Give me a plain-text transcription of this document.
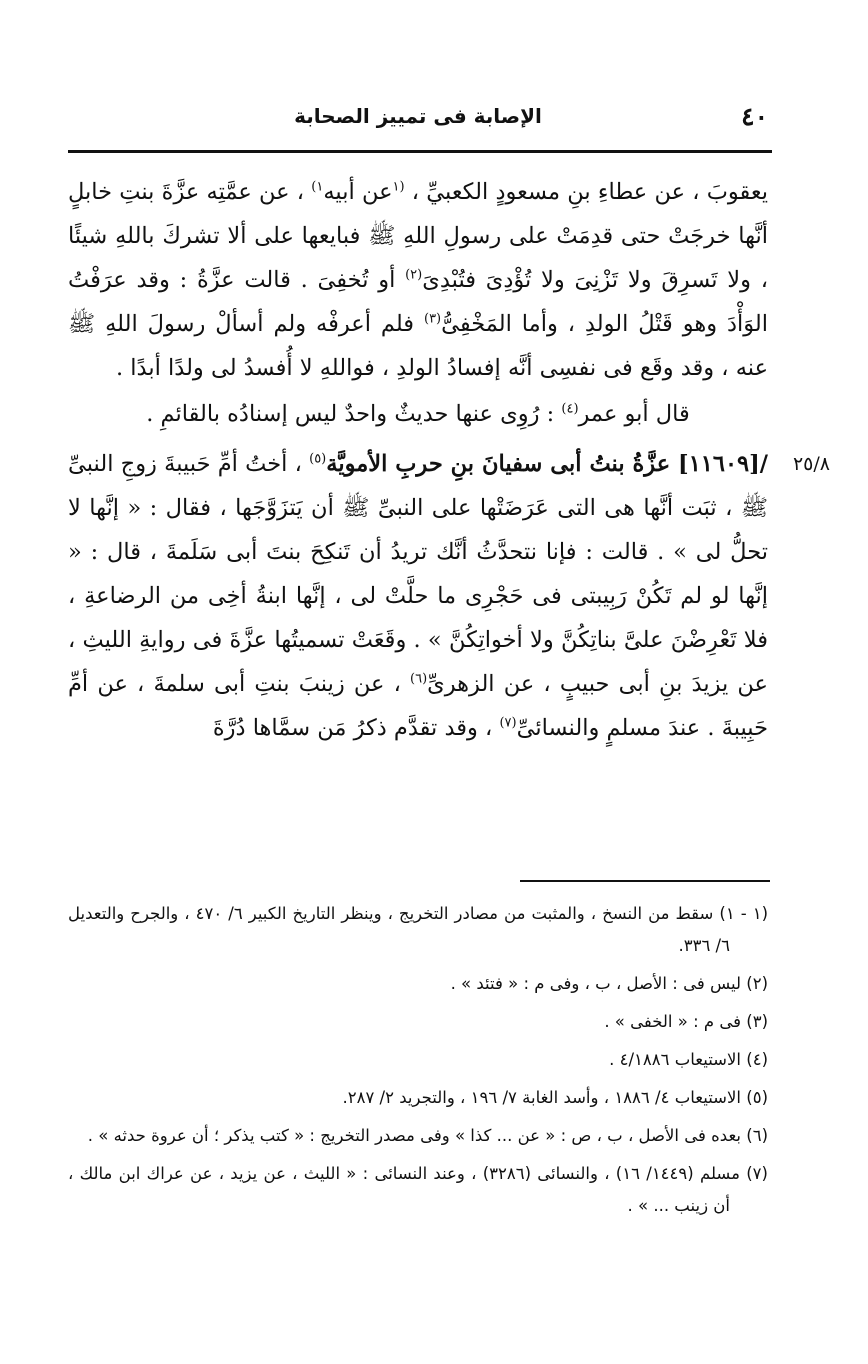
٤٠
الإصابة فى تمييز الصحابة

يعقوبَ ، عن عطاءِ بنِ مسعودٍ الكعبيِّ ، $^{(١}$عن أبيه$^{١)}$ ، عن عمَّتِه عزَّةَ بنتِ خابلٍ أنَّها خرجَتْ حتى قدِمَتْ على رسولِ اللهِ ﷺ فبايعها على ألا تشركَ باللهِ شيئًا ، ولا تَسرِقَ ولا تَزْنِىَ ولا تُؤْدِىَ فتُبْدِىَ$^{(٢)}$ أو تُخفِىَ . قالت عزَّةُ : وقد عرَفْتُ الوَأْدَ وهو قَتْلُ الولدِ ، وأما المَخْفِىُّ$^{(٣)}$ فلم أعرفْه ولم أسألْ رسولَ اللهِ ﷺ عنه ، وقد وقَع فى نفسِى أنَّه إفسادُ الولدِ ، فواللهِ لا أُفسدُ لى ولدًا أبدًا .

قال أبو عمر$^{(٤)}$ : رُوِى عنها حديثٌ واحدٌ ليس إسنادُه بالقائمِ .

٢٥/٨
/[١١٦٠٩] عزَّةُ بنتُ أبى سفيانَ بنِ حربِ الأمويَّة$^{(٥)}$ ، أختُ أمِّ حَبيبةَ زوجِ النبىِّ ﷺ ، ثبَت أنَّها هى التى عَرَضَتْها على النبىِّ ﷺ أن يَتزَوَّجَها ، فقال : « إنَّها لا تحلُّ لى » . قالت : فإنا نتحدَّثُ أنَّك تريدُ أن تَنكِحَ بنتَ أبى سَلَمةَ ، قال : « إنَّها لو لم تَكُنْ رَبِيبتى فى حَجْرِى ما حلَّتْ لى ، إنَّها ابنةُ أخِى من الرضاعةِ ، فلا تَعْرِضْنَ علىَّ بناتِكُنَّ ولا أخواتِكُنَّ » . وقَعَتْ تسميتُها عزَّةَ فى روايةِ الليثِ ، عن يزيدَ بنِ أبى حبيبٍ ، عن الزهرىِّ$^{(٦)}$ ، عن زينبَ بنتِ أبى سلمةَ ، عن أمِّ حَبِيبةَ . عندَ مسلمٍ والنسائىِّ$^{(٧)}$ ، وقد تقدَّم ذكرُ مَن سمَّاها دُرَّةَ

(١ - ١) سقط من النسخ ، والمثبت من مصادر التخريج ، وينظر التاريخ الكبير ٦/ ٤٧٠ ، والجرح والتعديل ٦/ ٣٣٦.

(٢) ليس فى : الأصل ، ب ، وفى م : « فتئد » .

(٣) فى م : « الخفى » .

(٤) الاستيعاب ٤/١٨٨٦ .

(٥) الاستيعاب ٤/ ١٨٨٦ ، وأسد الغابة ٧/ ١٩٦ ، والتجريد ٢/ ٢٨٧.

(٦) بعده فى الأصل ، ب ، ص : « عن ... كذا » وفى مصدر التخريج : « كتب يذكر ؛ أن عروة حدثه » .

(٧) مسلم (١٤٤٩/ ١٦) ، والنسائى (٣٢٨٦) ، وعند النسائى : « الليث ، عن يزيد ، عن عراك ابن مالك ، أن زينب ... » .
